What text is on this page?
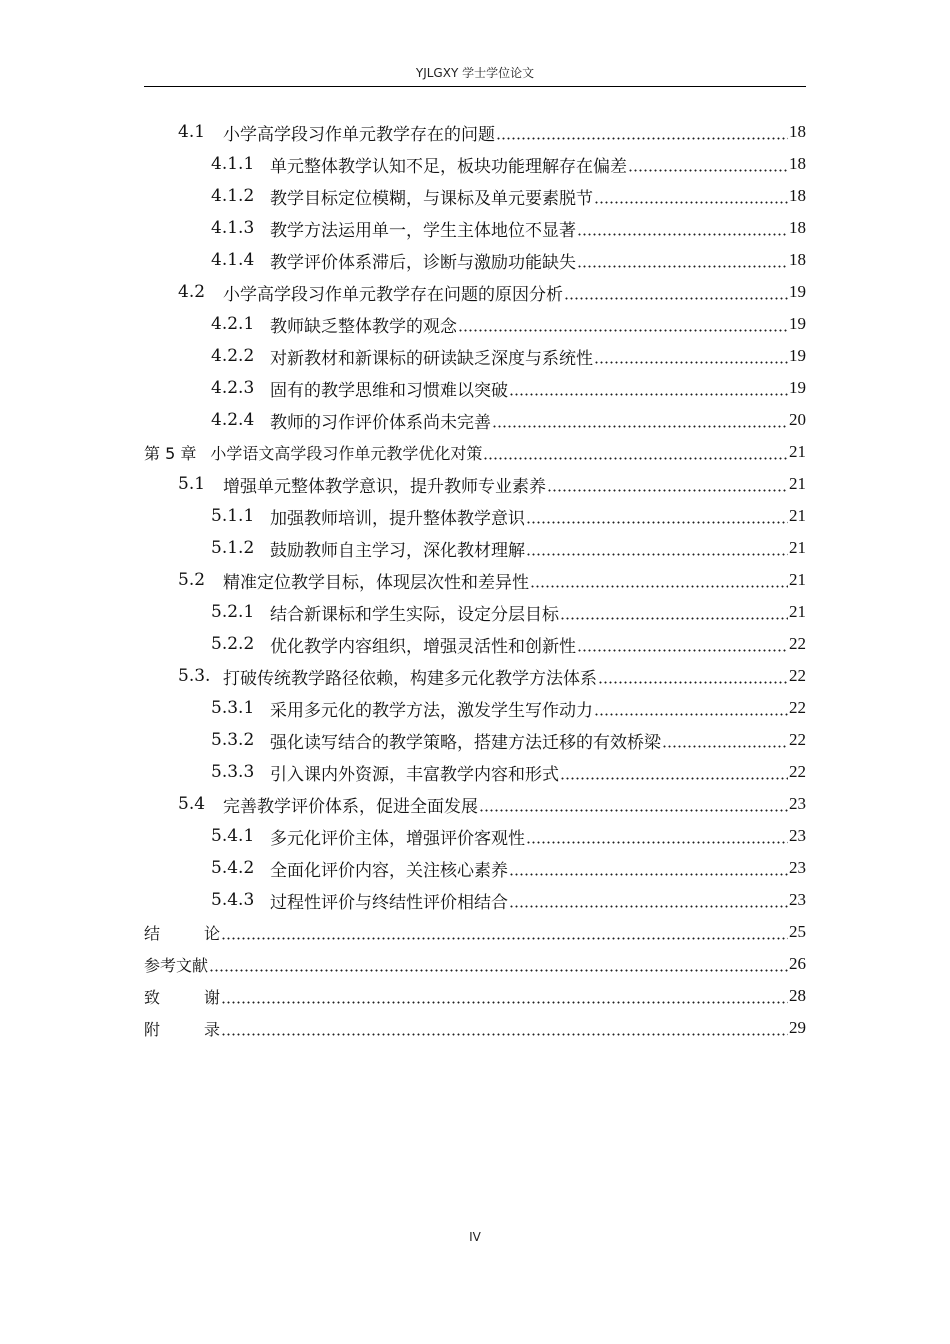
YJLGXY 学士学位论文
4.1	小学高学段习作单元教学存在的问题	18
4.1.1 单元整体教学认知不足，板块功能理解存在偏差	18
4.1.2 教学目标定位模糊，与课标及单元要素脱节	18
4.1.3 教学方法运用单一，学生主体地位不显著	18
4.1.4 教学评价体系滞后，诊断与激励功能缺失	18
4.2	小学高学段习作单元教学存在问题的原因分析	19
4.2.1 教师缺乏整体教学的观念	19
4.2.2 对新教材和新课标的研读缺乏深度与系统性	19
4.2.3 固有的教学思维和习惯难以突破	19
4.2.4 教师的习作评价体系尚未完善	20
第 5 章 小学语文高学段习作单元教学优化对策	21
5.1	增强单元整体教学意识，提升教师专业素养	21
5.1.1 加强教师培训，提升整体教学意识	21
5.1.2 鼓励教师自主学习，深化教材理解	21
5.2	精准定位教学目标，体现层次性和差异性	21
5.2.1 结合新课标和学生实际，设定分层目标	21
5.2.2 优化教学内容组织，增强灵活性和创新性	22
5.3. 打破传统教学路径依赖，构建多元化教学方法体系	22
5.3.1 采用多元化的教学方法，激发学生写作动力	22
5.3.2 强化读写结合的教学策略，搭建方法迁移的有效桥梁	22
5.3.3 引入课内外资源，丰富教学内容和形式	22
5.4	完善教学评价体系，促进全面发展	23
5.4.1 多元化评价主体，增强评价客观性	23
5.4.2 全面化评价内容，关注核心素养	23
5.4.3 过程性评价与终结性评价相结合	23
结	论	25
参考文献	26
致	谢	28
附	录	29
IV
